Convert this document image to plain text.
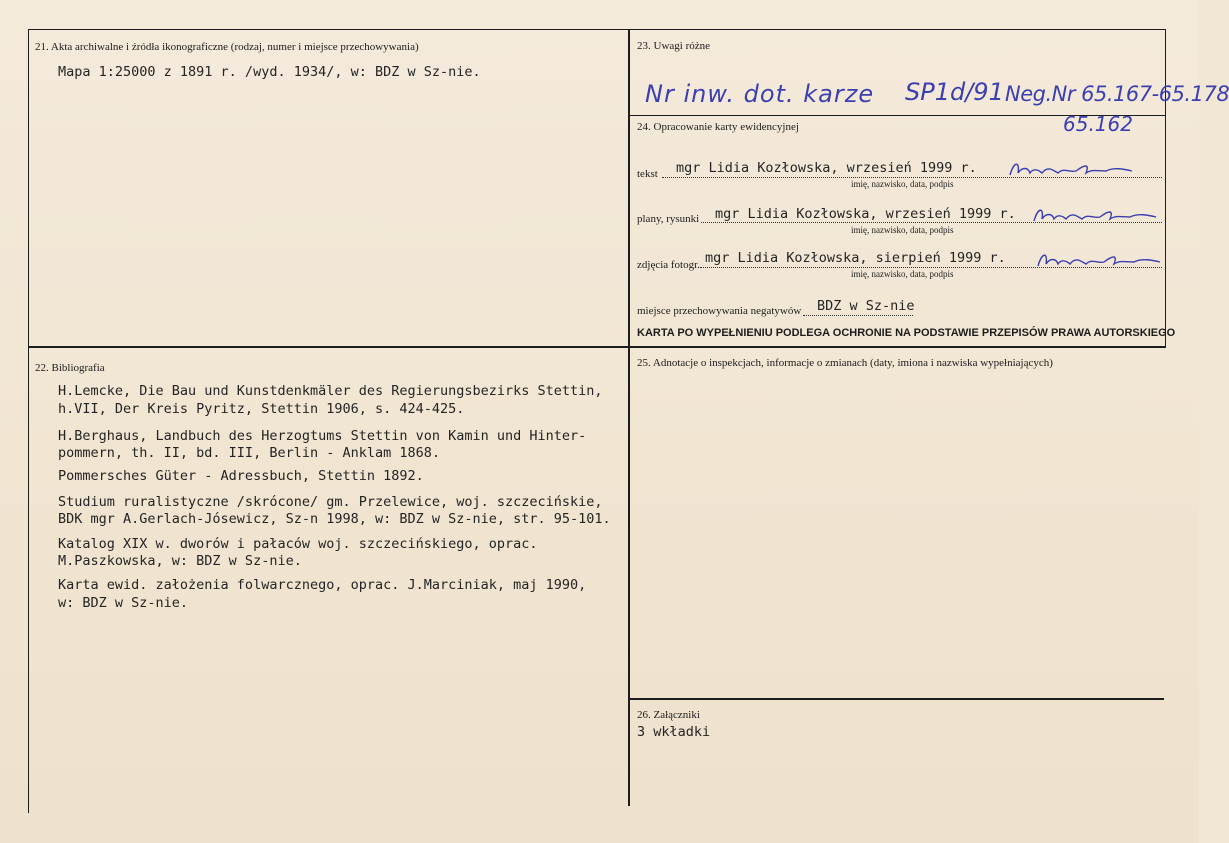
21. Akta archiwalne i źródła ikonograficzne (rodzaj, numer i miejsce przechowywania)
Mapa 1:25000 z 1891 r. /wyd. 1934/, w: BDZ w Sz-nie.
22. Bibliografia
H.Lemcke, Die Bau und Kunstdenkmäler des Regierungsbezirks Stettin,
h.VII, Der Kreis Pyritz, Stettin 1906, s. 424-425.
H.Berghaus, Landbuch des Herzogtums Stettin von Kamin und Hinter-
pommern, th. II, bd. III, Berlin - Anklam 1868.
Pommersches Güter - Adressbuch, Stettin 1892.
Studium ruralistyczne /skrócone/ gm. Przelewice, woj. szczecińskie,
BDK mgr A.Gerlach-Jósewicz, Sz-n 1998, w: BDZ w Sz-nie, str. 95-101.
Katalog XIX w. dworów i pałaców woj. szczecińskiego, oprac.
M.Paszkowska, w: BDZ w Sz-nie.
Karta ewid. założenia folwarcznego, oprac. J.Marciniak, maj 1990,
w: BDZ w Sz-nie.
23. Uwagi różne
Nr inw. dot. karze SP1d/91 Neg.Nr 65.167-65.178
65.162
24. Opracowanie karty ewidencyjnej
tekst mgr Lidia Kozłowska, wrzesień 1999 r.
imię, nazwisko, data, podpis
plany, rysunki mgr Lidia Kozłowska, wrzesień 1999 r.
imię, nazwisko, data, podpis
zdjęcia fotogr. mgr Lidia Kozłowska, sierpień 1999 r.
imię, nazwisko, data, podpis
miejsce przechowywania negatywów BDZ w Sz-nie
KARTA PO WYPEŁNIENIU PODLEGA OCHRONIE NA PODSTAWIE PRZEPISÓW PRAWA AUTORSKIEGO
25. Adnotacje o inspekcjach, informacje o zmianach (daty, imiona i nazwiska wypełniających)
26. Załączniki
3 wkładki
